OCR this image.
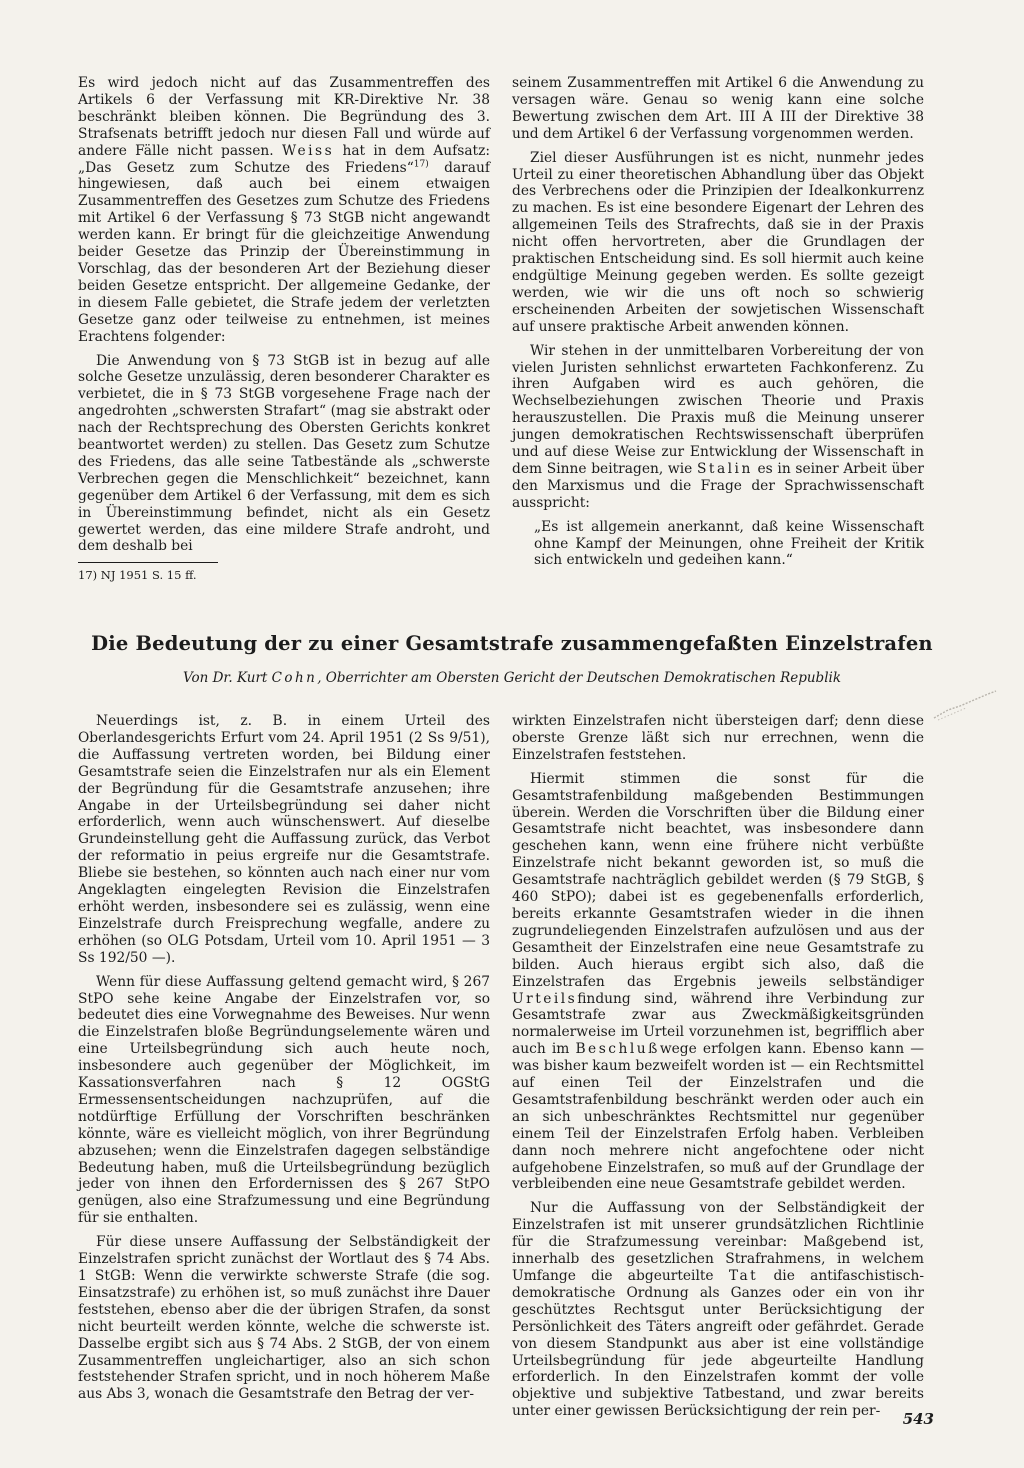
Es wird jedoch nicht auf das Zusammentreffen des Artikels 6 der Verfassung mit KR-Direktive Nr. 38 beschränkt bleiben können. Die Begründung des 3. Strafsenats betrifft jedoch nur diesen Fall und würde auf andere Fälle nicht passen. Weiss hat in dem Aufsatz: „Das Gesetz zum Schutze des Friedens“$^{17)}$ darauf hingewiesen, daß auch bei einem etwaigen Zusammentreffen des Gesetzes zum Schutze des Friedens mit Artikel 6 der Verfassung § 73 StGB nicht angewandt werden kann. Er bringt für die gleichzeitige Anwendung beider Gesetze das Prinzip der Übereinstimmung in Vorschlag, das der besonderen Art der Beziehung dieser beiden Gesetze entspricht. Der allgemeine Gedanke, der in diesem Falle gebietet, die Strafe jedem der verletzten Gesetze ganz oder teilweise zu entnehmen, ist meines Erachtens folgender:

Die Anwendung von § 73 StGB ist in bezug auf alle solche Gesetze unzulässig, deren besonderer Charakter es verbietet, die in § 73 StGB vorgesehene Frage nach der angedrohten „schwersten Strafart“ (mag sie abstrakt oder nach der Rechtsprechung des Obersten Gerichts konkret beantwortet werden) zu stellen. Das Gesetz zum Schutze des Friedens, das alle seine Tatbestände als „schwerste Verbrechen gegen die Menschlichkeit“ bezeichnet, kann gegenüber dem Artikel 6 der Verfassung, mit dem es sich in Übereinstimmung befindet, nicht als ein Gesetz gewertet werden, das eine mildere Strafe androht, und dem deshalb bei

17) NJ 1951 S. 15 ff.

seinem Zusammentreffen mit Artikel 6 die Anwendung zu versagen wäre. Genau so wenig kann eine solche Bewertung zwischen dem Art. III A III der Direktive 38 und dem Artikel 6 der Verfassung vorgenommen werden.

Ziel dieser Ausführungen ist es nicht, nunmehr jedes Urteil zu einer theoretischen Abhandlung über das Objekt des Verbrechens oder die Prinzipien der Idealkonkurrenz zu machen. Es ist eine besondere Eigenart der Lehren des allgemeinen Teils des Strafrechts, daß sie in der Praxis nicht offen hervortreten, aber die Grundlagen der praktischen Entscheidung sind. Es soll hiermit auch keine endgültige Meinung gegeben werden. Es sollte gezeigt werden, wie wir die uns oft noch so schwierig erscheinenden Arbeiten der sowjetischen Wissenschaft auf unsere praktische Arbeit anwenden können.

Wir stehen in der unmittelbaren Vorbereitung der von vielen Juristen sehnlichst erwarteten Fachkonferenz. Zu ihren Aufgaben wird es auch gehören, die Wechselbeziehungen zwischen Theorie und Praxis herauszustellen. Die Praxis muß die Meinung unserer jungen demokratischen Rechtswissenschaft überprüfen und auf diese Weise zur Entwicklung der Wissenschaft in dem Sinne beitragen, wie Stalin es in seiner Arbeit über den Marxismus und die Frage der Sprachwissenschaft ausspricht:

„Es ist allgemein anerkannt, daß keine Wissenschaft ohne Kampf der Meinungen, ohne Freiheit der Kritik sich entwickeln und gedeihen kann.“

Die Bedeutung der zu einer Gesamtstrafe zusammengefaßten Einzelstrafen

Von Dr. Kurt Cohn, Oberrichter am Obersten Gericht der Deutschen Demokratischen Republik

Neuerdings ist, z. B. in einem Urteil des Oberlandesgerichts Erfurt vom 24. April 1951 (2 Ss 9/51), die Auffassung vertreten worden, bei Bildung einer Gesamtstrafe seien die Einzelstrafen nur als ein Element der Begründung für die Gesamtstrafe anzusehen; ihre Angabe in der Urteilsbegründung sei daher nicht erforderlich, wenn auch wünschenswert. Auf dieselbe Grundeinstellung geht die Auffassung zurück, das Verbot der reformatio in peius ergreife nur die Gesamtstrafe. Bliebe sie bestehen, so könnten auch nach einer nur vom Angeklagten eingelegten Revision die Einzelstrafen erhöht werden, insbesondere sei es zulässig, wenn eine Einzelstrafe durch Freisprechung wegfalle, andere zu erhöhen (so OLG Potsdam, Urteil vom 10. April 1951 — 3 Ss 192/50 —).

Wenn für diese Auffassung geltend gemacht wird, § 267 StPO sehe keine Angabe der Einzelstrafen vor, so bedeutet dies eine Vorwegnahme des Beweises. Nur wenn die Einzelstrafen bloße Begründungselemente wären und eine Urteilsbegründung sich auch heute noch, insbesondere auch gegenüber der Möglichkeit, im Kassationsverfahren nach § 12 OGStG Ermessensentscheidungen nachzuprüfen, auf die notdürftige Erfüllung der Vorschriften beschränken könnte, wäre es vielleicht möglich, von ihrer Begründung abzusehen; wenn die Einzelstrafen dagegen selbständige Bedeutung haben, muß die Urteilsbegründung bezüglich jeder von ihnen den Erfordernissen des § 267 StPO genügen, also eine Strafzumessung und eine Begründung für sie enthalten.

Für diese unsere Auffassung der Selbständigkeit der Einzelstrafen spricht zunächst der Wortlaut des § 74 Abs. 1 StGB: Wenn die verwirkte schwerste Strafe (die sog. Einsatzstrafe) zu erhöhen ist, so muß zunächst ihre Dauer feststehen, ebenso aber die der übrigen Strafen, da sonst nicht beurteilt werden könnte, welche die schwerste ist. Dasselbe ergibt sich aus § 74 Abs. 2 StGB, der von einem Zusammentreffen ungleichartiger, also an sich schon feststehender Strafen spricht, und in noch höherem Maße aus Abs 3, wonach die Gesamtstrafe den Betrag der ver-

wirkten Einzelstrafen nicht übersteigen darf; denn diese oberste Grenze läßt sich nur errechnen, wenn die Einzelstrafen feststehen.

Hiermit stimmen die sonst für die Gesamtstrafenbildung maßgebenden Bestimmungen überein. Werden die Vorschriften über die Bildung einer Gesamtstrafe nicht beachtet, was insbesondere dann geschehen kann, wenn eine frühere nicht verbüßte Einzelstrafe nicht bekannt geworden ist, so muß die Gesamtstrafe nachträglich gebildet werden (§ 79 StGB, § 460 StPO); dabei ist es gegebenenfalls erforderlich, bereits erkannte Gesamtstrafen wieder in die ihnen zugrundeliegenden Einzelstrafen aufzulösen und aus der Gesamtheit der Einzelstrafen eine neue Gesamtstrafe zu bilden. Auch hieraus ergibt sich also, daß die Einzelstrafen das Ergebnis jeweils selbständiger Urteilsfindung sind, während ihre Verbindung zur Gesamtstrafe zwar aus Zweckmäßigkeitsgründen normalerweise im Urteil vorzunehmen ist, begrifflich aber auch im Beschlußwege erfolgen kann. Ebenso kann — was bisher kaum bezweifelt worden ist — ein Rechtsmittel auf einen Teil der Einzelstrafen und die Gesamtstrafenbildung beschränkt werden oder auch ein an sich unbeschränktes Rechtsmittel nur gegenüber einem Teil der Einzelstrafen Erfolg haben. Verbleiben dann noch mehrere nicht angefochtene oder nicht aufgehobene Einzelstrafen, so muß auf der Grundlage der verbleibenden eine neue Gesamtstrafe gebildet werden.

Nur die Auffassung von der Selbständigkeit der Einzelstrafen ist mit unserer grundsätzlichen Richtlinie für die Strafzumessung vereinbar: Maßgebend ist, innerhalb des gesetzlichen Strafrahmens, in welchem Umfange die abgeurteilte Tat die antifaschistisch-demokratische Ordnung als Ganzes oder ein von ihr geschütztes Rechtsgut unter Berücksichtigung der Persönlichkeit des Täters angreift oder gefährdet. Gerade von diesem Standpunkt aus aber ist eine vollständige Urteilsbegründung für jede abgeurteilte Handlung erforderlich. In den Einzelstrafen kommt der volle objektive und subjektive Tatbestand, und zwar bereits unter einer gewissen Berücksichtigung der rein per-	543
